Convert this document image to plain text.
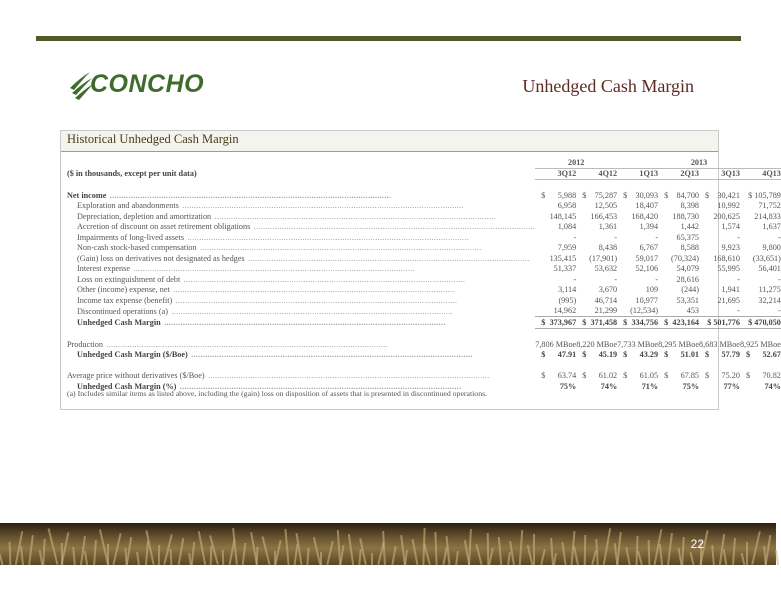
CONCHO	Unhedged Cash Margin
Historical Unhedged Cash Margin
	2012		2013			
($ in thousands, except per unit data)	3Q12	4Q12	1Q13	2Q13	3Q13	4Q13

Net income ........................................................................................................................	$ 5,988	$ 75,287	$ 30,093	$ 84,700	$ 30,421	$ 105,789
Exploration and abandonments ........................................................................................................................	6,958	12,505	18,407	8,398	10,992	71,752
Depreciation, depletion and amortization ........................................................................................................................	148,145	166,453	168,420	188,730	200,625	214,833
Accretion of discount on asset retirement obligations ........................................................................................................................	1,084	1,361	1,394	1,442	1,574	1,637
Impairments of long-lived assets ........................................................................................................................	-	-	-	65,375	-	-
Non-cash stock-based compensation ........................................................................................................................	7,959	8,438	6,767	8,588	9,923	9,800
(Gain) loss on derivatives not designated as hedges ........................................................................................................................	135,415	(17,901)	59,017	(70,324)	168,610	(33,651)
Interest expense ........................................................................................................................	51,337	53,632	52,106	54,079	55,995	56,401
Loss on extinguishment of debt ........................................................................................................................	-	-	-	28,616	-	-
Other (income) expense, net ........................................................................................................................	3,114	3,670	109	(244)	1,941	11,275
Income tax expense (benefit) ........................................................................................................................	(995)	46,714	10,977	53,351	21,695	32,214
Discontinued operations (a) ........................................................................................................................	14,962	21,299	(12,534)	453	-	-
Unhedged Cash Margin ........................................................................................................................	$ 373,967	$ 371,458	$ 334,756	$ 423,164	$ 501,776	$ 470,050

Production ........................................................................................................................	7,806 MBoe	8,220 MBoe	7,733 MBoe	8,295 MBoe	8,683 MBoe	8,925 MBoe
Unhedged Cash Margin ($/Boe) ........................................................................................................................	$ 47.91	$ 45.19	$ 43.29	$ 51.01	$ 57.79	$ 52.67

Average price without derivatives ($/Boe) ........................................................................................................................	$ 63.74	$ 61.02	$ 61.05	$ 67.85	$ 75.20	$ 70.82
Unhedged Cash Margin (%) ........................................................................................................................	75%	74%	71%	75%	77%	74%
(a) Includes similar items as listed above, including the (gain) loss on disposition of assets that is presented in discontinued operations.
22
